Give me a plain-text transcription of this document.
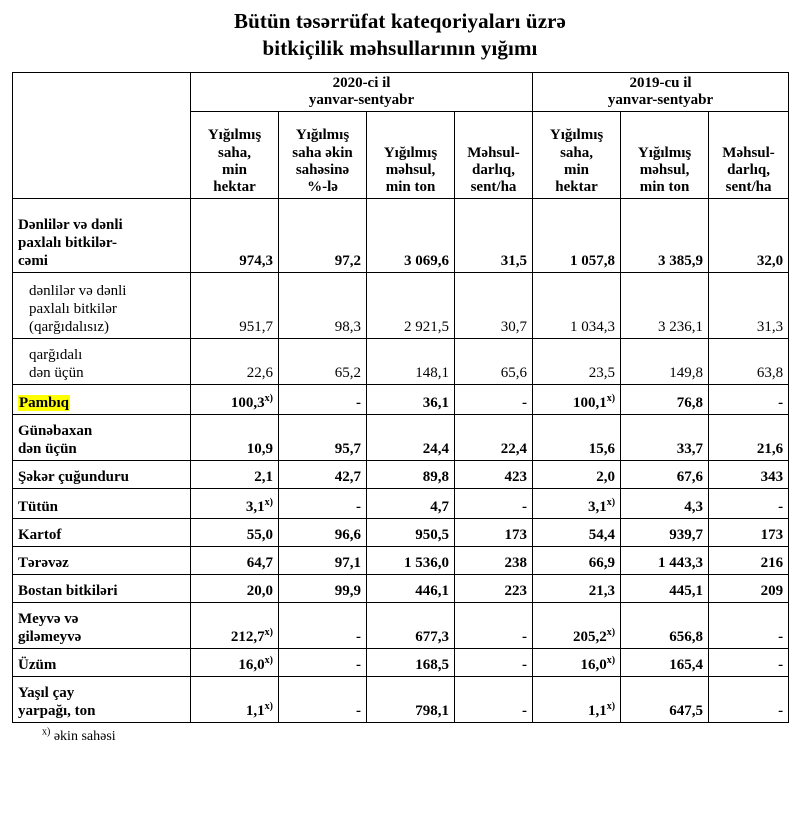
Bütün təsərrüfat kateqoriyaları üzrə
bitkiçilik məhsullarının yığımı
	2020-ci il
yanvar-sentyabr				2019-cu il
yanvar-sentyabr		
	Yığılmış
saha,
min
hektar	Yığılmış
saha əkin
sahəsinə
%-lə	Yığılmış
məhsul,
min ton	Məhsul-
darlıq,
sent/ha	Yığılmış
saha,
min
hektar	Yığılmış
məhsul,
min ton	Məhsul-
darlıq,
sent/ha
Dənlilər və dənli
paxlalı bitkilər-
cəmi	974,3	97,2	3 069,6	31,5	1 057,8	3 385,9	32,0
dənlilər və dənli
paxlalı bitkilər
(qarğıdalısız)	951,7	98,3	2 921,5	30,7	1 034,3	3 236,1	31,3
qarğıdalı
dən üçün	22,6	65,2	148,1	65,6	23,5	149,8	63,8
Pambıq	100,3$^{x)}$	-	36,1	-	100,1$^{x)}$	76,8	-
Günəbaxan
dən üçün	10,9	95,7	24,4	22,4	15,6	33,7	21,6
Şəkər çuğunduru	2,1	42,7	89,8	423	2,0	67,6	343
Tütün	3,1$^{x)}$	-	4,7	-	3,1$^{x)}$	4,3	-
Kartof	55,0	96,6	950,5	173	54,4	939,7	173
Tərəvəz	64,7	97,1	1 536,0	238	66,9	1 443,3	216
Bostan bitkiləri	20,0	99,9	446,1	223	21,3	445,1	209
Meyvə və
giləmeyvə	212,7$^{x)}$	-	677,3	-	205,2$^{x)}$	656,8	-
Üzüm	16,0$^{x)}$	-	168,5	-	16,0$^{x)}$	165,4	-
Yaşıl çay
yarpağı, ton	1,1$^{x)}$	-	798,1	-	1,1$^{x)}$	647,5	-
$^{x)}$ əkin sahəsi
